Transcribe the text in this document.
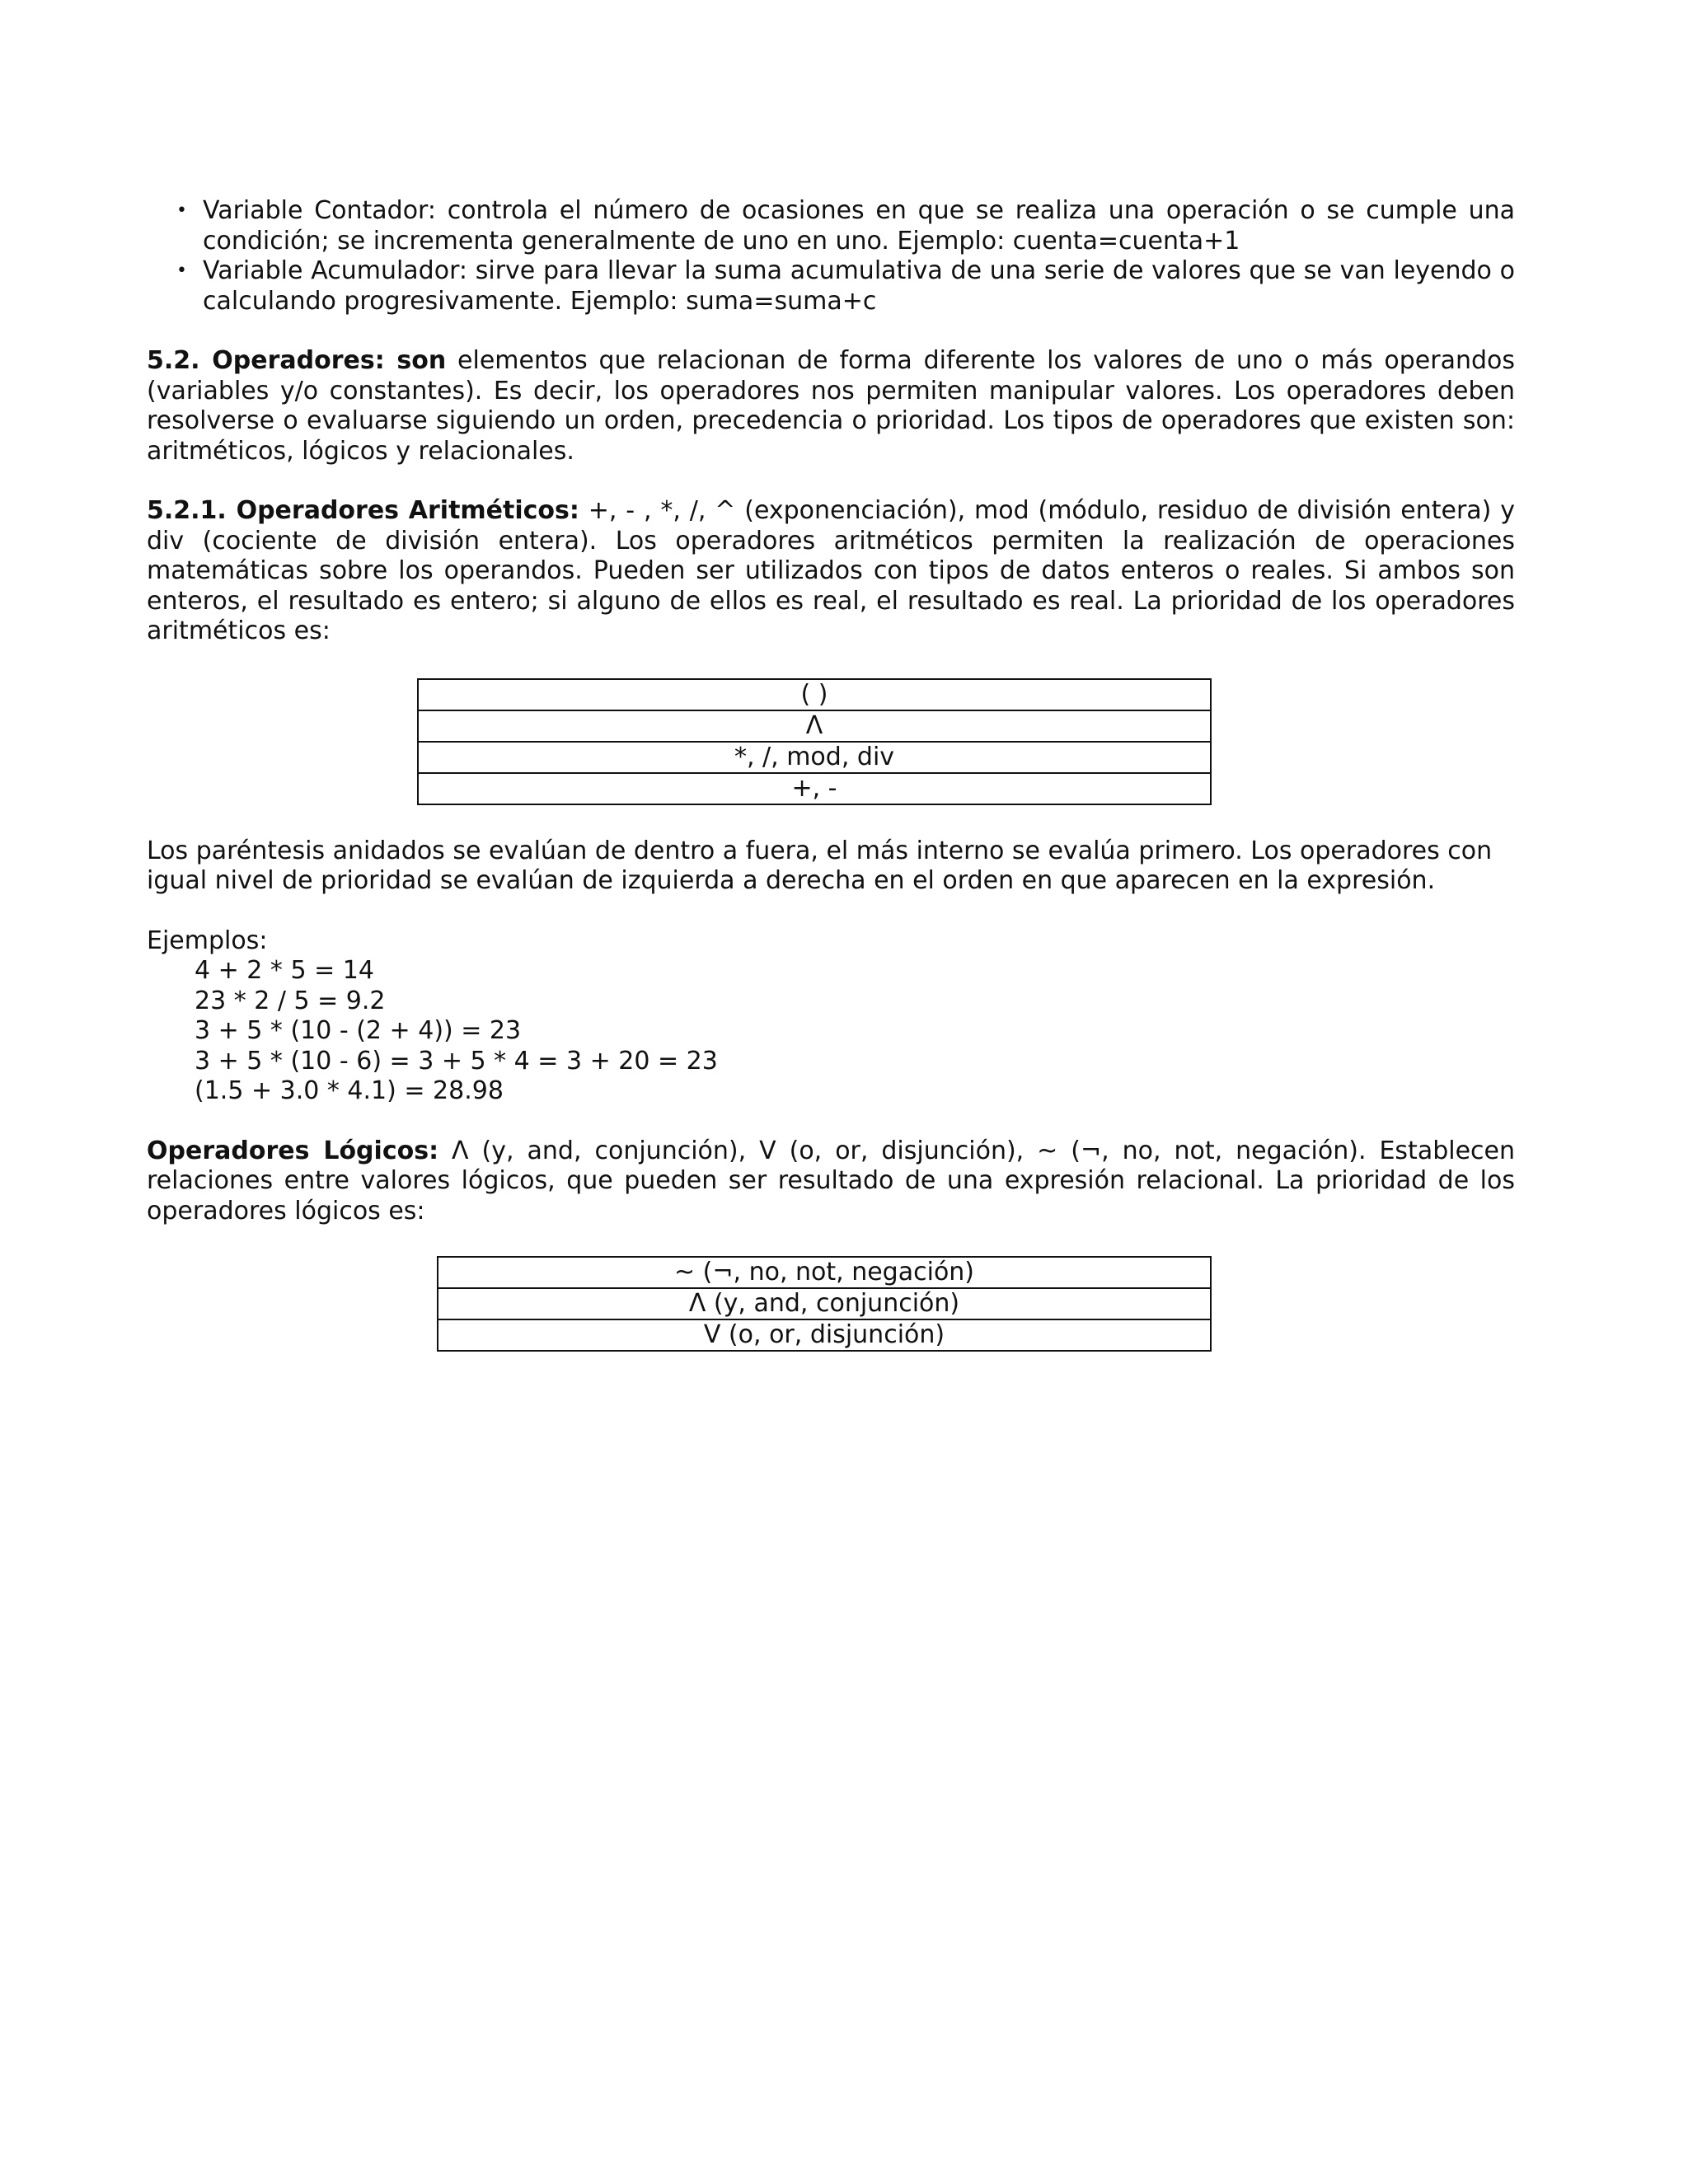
• Variable Contador: controla el número de ocasiones en que se realiza una operación o se cumple una condición; se incrementa generalmente de uno en uno. Ejemplo: cuenta=cuenta+1
• Variable Acumulador: sirve para llevar la suma acumulativa de una serie de valores que se van leyendo o calculando progresivamente. Ejemplo: suma=suma+c

5.2. Operadores: son elementos que relacionan de forma diferente los valores de uno o más operandos (variables y/o constantes). Es decir, los operadores nos permiten manipular valores. Los operadores deben resolverse o evaluarse siguiendo un orden, precedencia o prioridad. Los tipos de operadores que existen son: aritméticos, lógicos y relacionales.

5.2.1. Operadores Aritméticos: +, - , *, /, ^ (exponenciación), mod (módulo, residuo de división entera) y div (cociente de división entera). Los operadores aritméticos permiten la realización de operaciones matemáticas sobre los operandos. Pueden ser utilizados con tipos de datos enteros o reales. Si ambos son enteros, el resultado es entero; si alguno de ellos es real, el resultado es real. La prioridad de los operadores aritméticos es:

( )
Λ
*, /, mod, div
+, -

Los paréntesis anidados se evalúan de dentro a fuera, el más interno se evalúa primero. Los operadores con igual nivel de prioridad se evalúan de izquierda a derecha en el orden en que aparecen en la expresión.

Ejemplos:

4 + 2 * 5 = 14
23 * 2 / 5 = 9.2
3 + 5 * (10 - (2 + 4)) = 23
3 + 5 * (10 - 6) = 3 + 5 * 4 = 3 + 20 = 23
(1.5 + 3.0 * 4.1) = 28.98

Operadores Lógicos: Λ (y, and, conjunción), V (o, or, disjunción), ~ (¬, no, not, negación). Establecen relaciones entre valores lógicos, que pueden ser resultado de una expresión relacional. La prioridad de los operadores lógicos es:

~ (¬, no, not, negación)
Λ (y, and, conjunción)
V (o, or, disjunción)
